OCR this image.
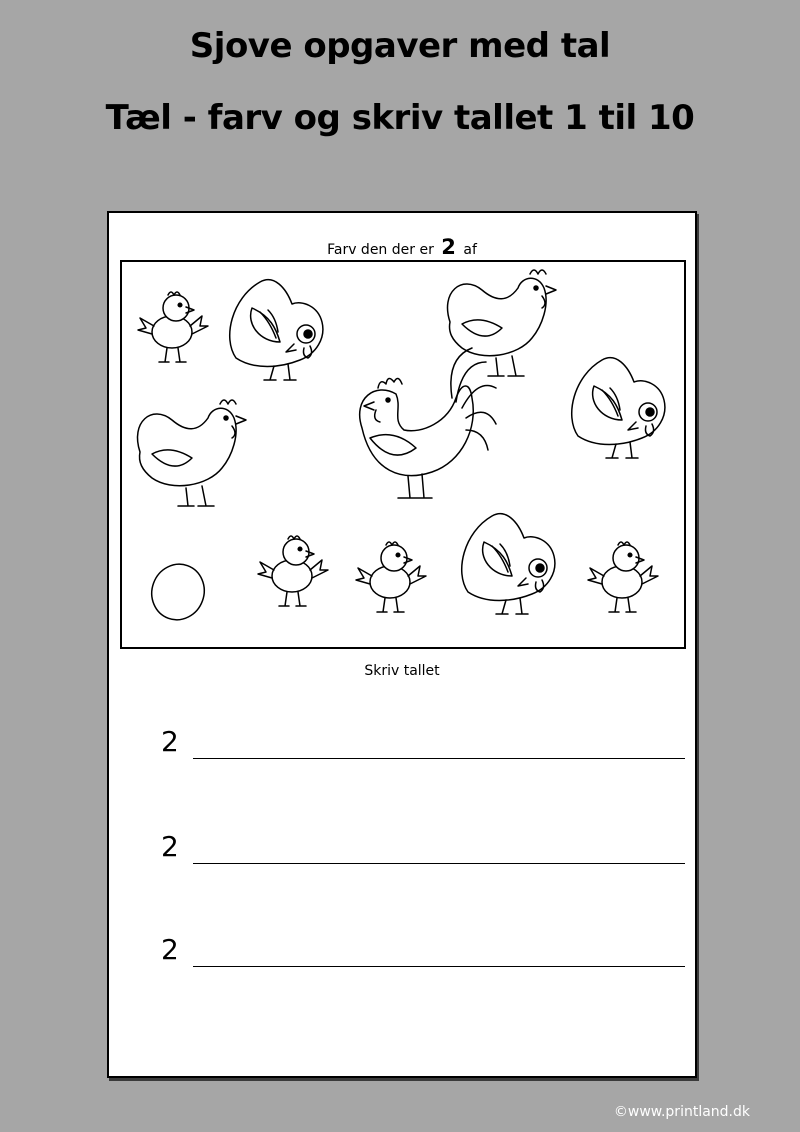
Sjove opgaver med tal
Tæl - farv og skriv tallet 1 til 10
Farv den der er 2 af
Skriv tallet
2
2
2
©www.printland.dk
